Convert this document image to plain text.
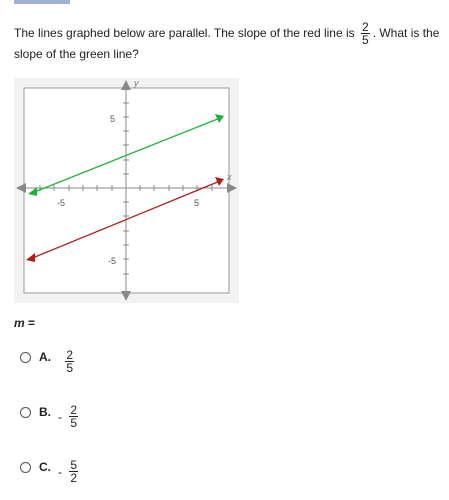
The lines graphed below are parallel. The slope of the red line is $\frac{2}{5}$ . What is the
slope of the green line?
-5	5
5
-5
y
x
m =
A.
$\frac{2}{5}$
B. - $\frac{2}{5}$
C. - $\frac{5}{2}$
